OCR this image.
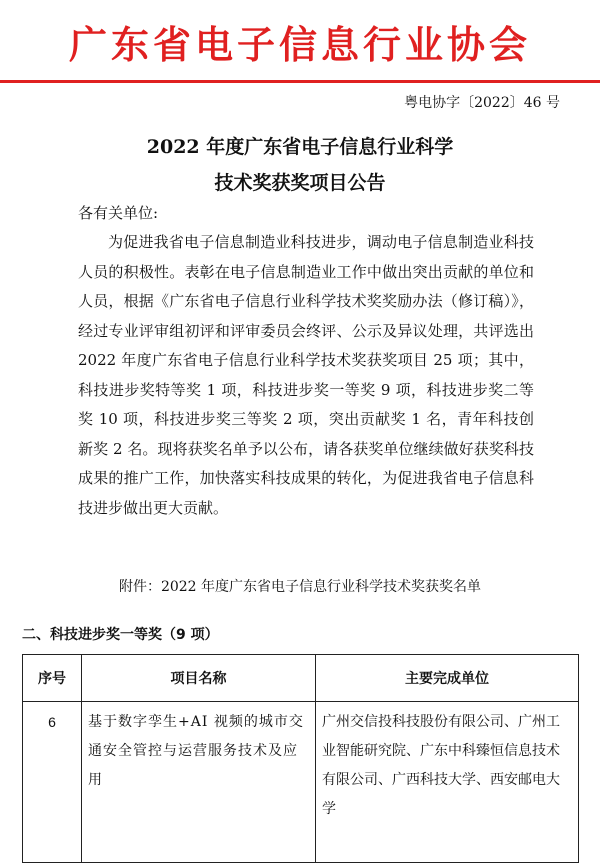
广东省电子信息行业协会
粤电协字〔2022〕46 号
2022 年度广东省电子信息行业科学
技术奖获奖项目公告
各有关单位:
为促进我省电子信息制造业科技进步，调动电子信息制造业科技人员的积极性。表彰在电子信息制造业工作中做出突出贡献的单位和人员，根据《广东省电子信息行业科学技术奖奖励办法（修订稿）》，经过专业评审组初评和评审委员会终评、公示及异议处理，共评选出 2022 年度广东省电子信息行业科学技术奖获奖项目 25 项；其中，科技进步奖特等奖 1 项，科技进步奖一等奖 9 项，科技进步奖二等奖 10 项，科技进步奖三等奖 2 项，突出贡献奖 1 名，青年科技创新奖 2 名。现将获奖名单予以公布，请各获奖单位继续做好获奖科技成果的推广工作，加快落实科技成果的转化，为促进我省电子信息科技进步做出更大贡献。
附件：2022 年度广东省电子信息行业科学技术奖获奖名单
二、科技进步奖一等奖（9 项）
序号	项目名称	主要完成单位
6	基于数字孪生+AI 视频的城市交通安全管控与运营服务技术及应用	广州交信投科技股份有限公司、广州工业智能研究院、广东中科臻恒信息技术有限公司、广西科技大学、西安邮电大学
